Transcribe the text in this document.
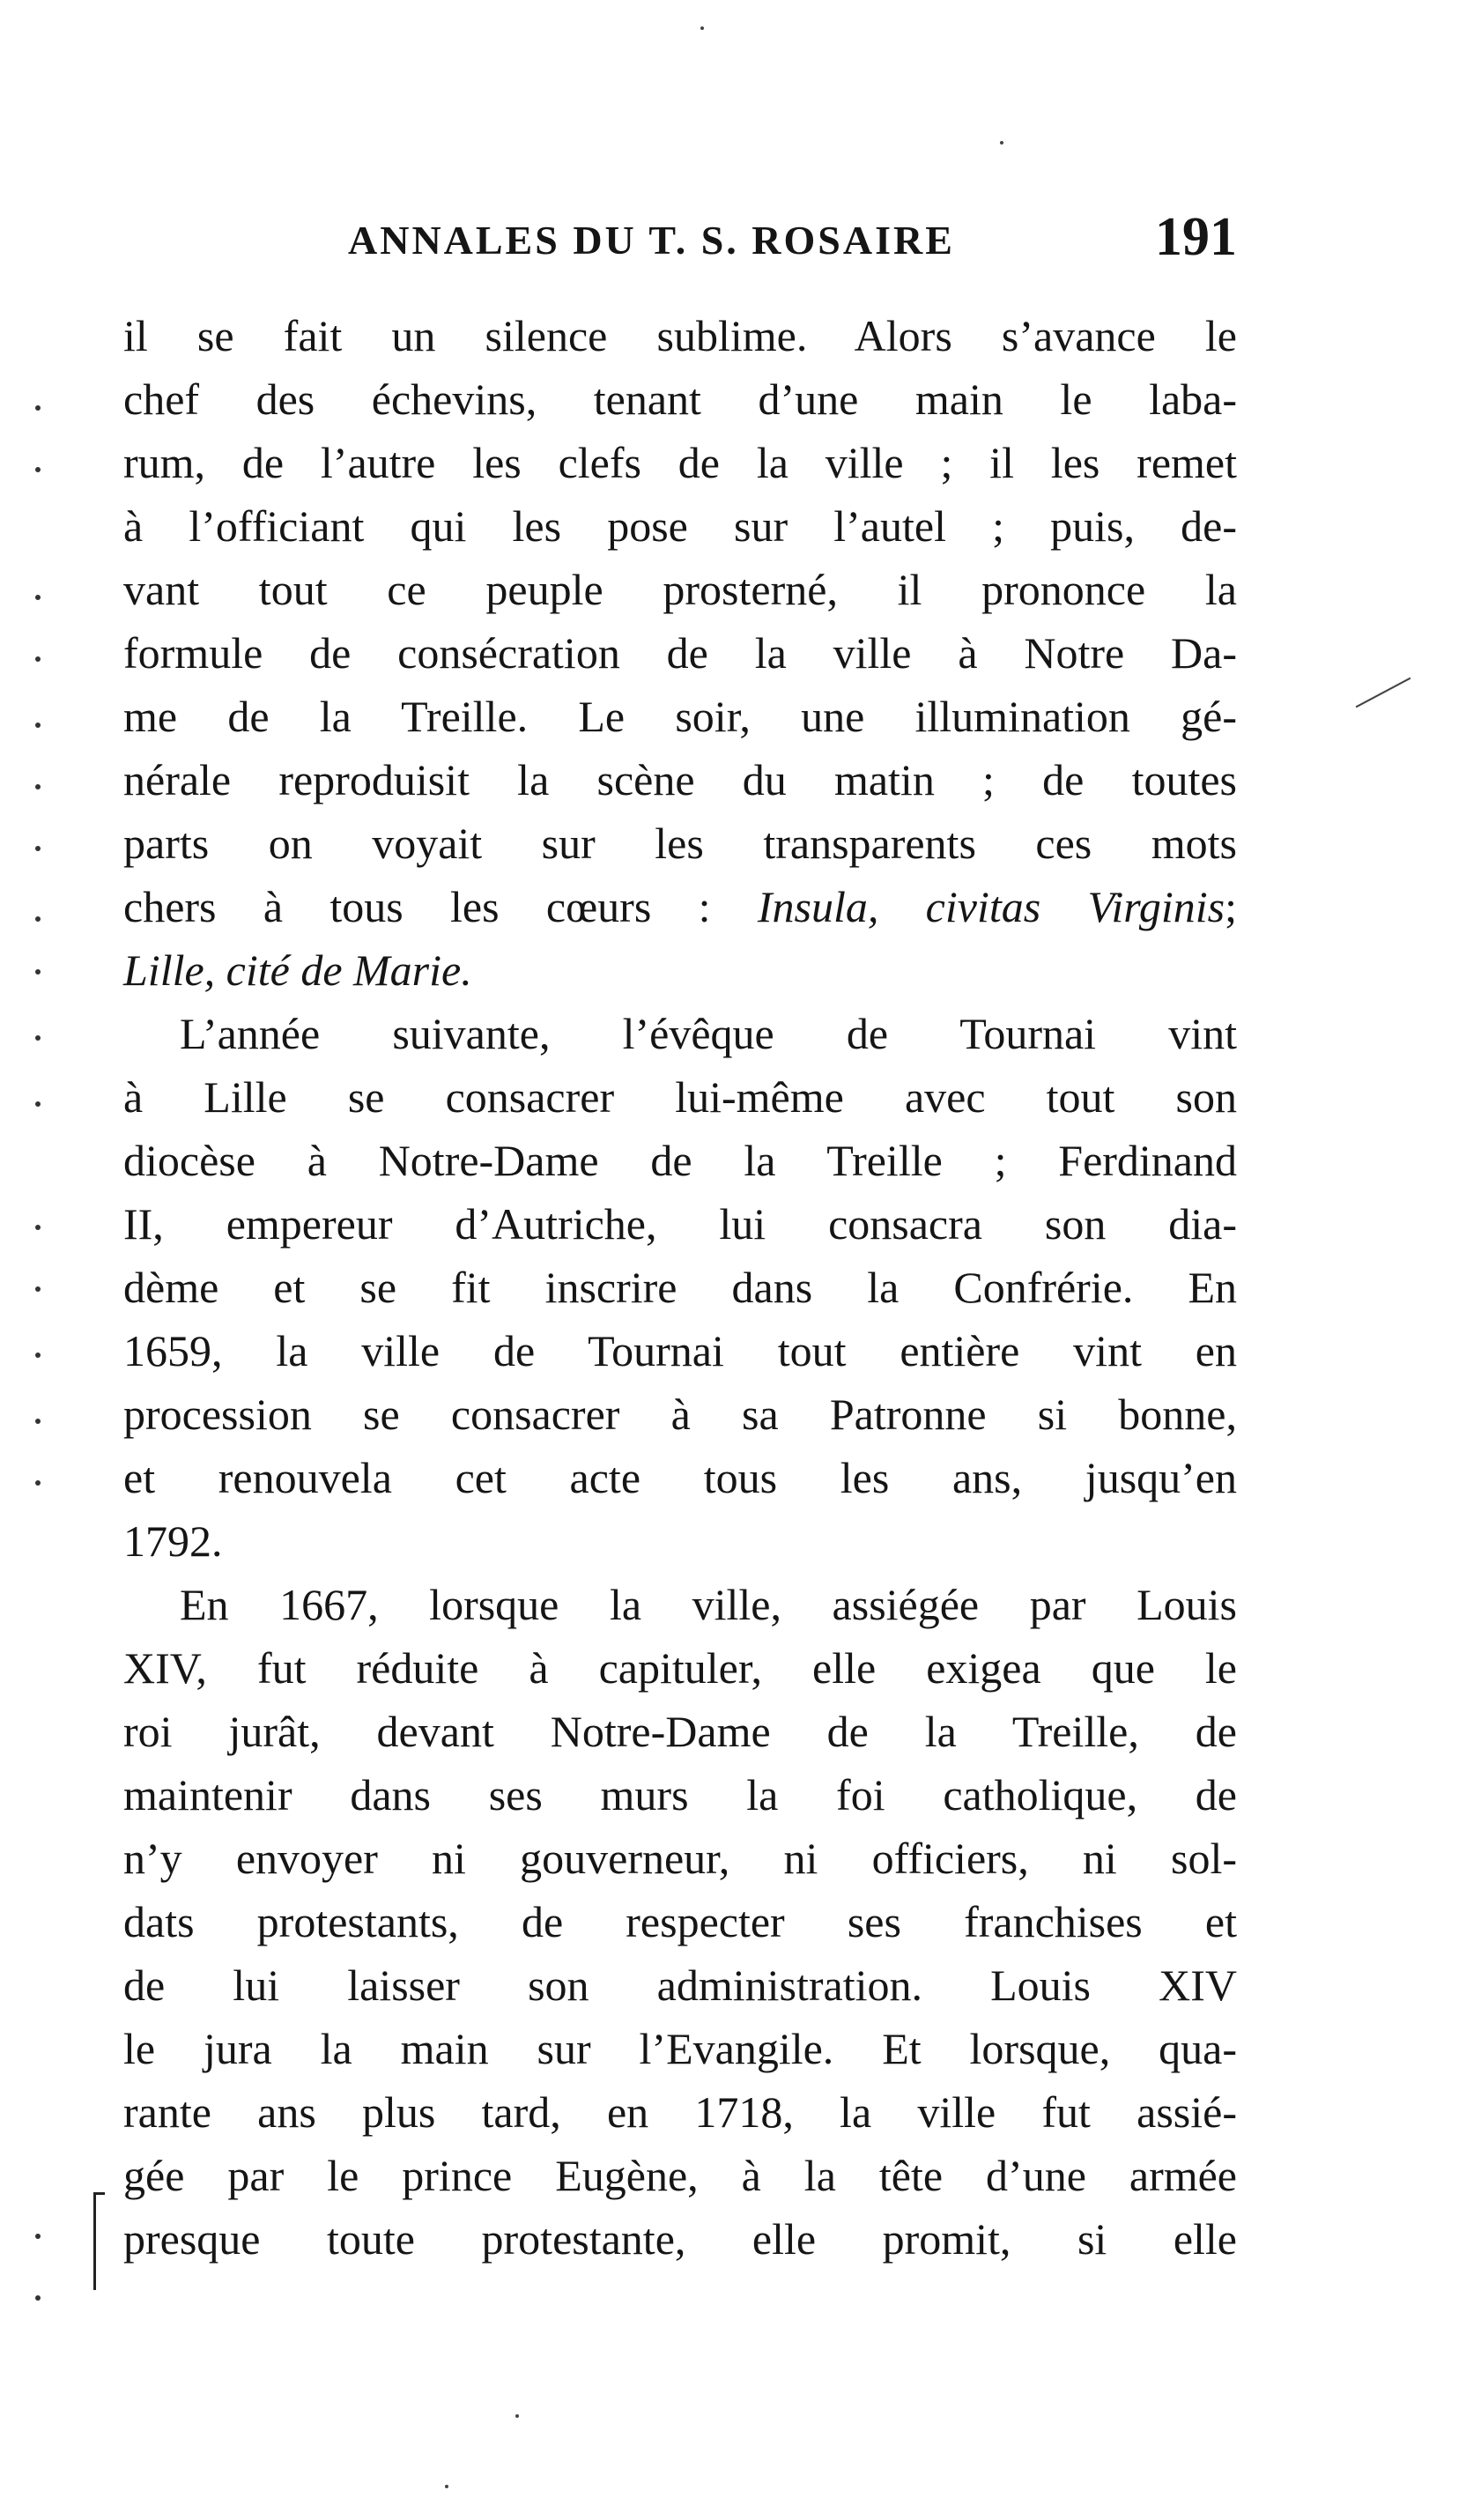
ANNALES DU T. S. ROSAIRE	191
il se fait un silence sublime. Alors s’avance le
chef des échevins, tenant d’une main le laba-
rum, de l’autre les clefs de la ville ; il les remet
à l’officiant qui les pose sur l’autel ; puis, de-
vant tout ce peuple prosterné, il prononce la
formule de consécration de la ville à Notre Da-
me de la Treille. Le soir, une illumination gé-
nérale reproduisit la scène du matin ; de toutes
parts on voyait sur les transparents ces mots
chers à tous les cœurs : Insula, civitas Virginis;
Lille, cité de Marie.
L’année suivante, l’évêque de Tournai vint
à Lille se consacrer lui-même avec tout son
diocèse à Notre-Dame de la Treille ; Ferdinand
II, empereur d’Autriche, lui consacra son dia-
dème et se fit inscrire dans la Confrérie. En
1659, la ville de Tournai tout entière vint en
procession se consacrer à sa Patronne si bonne,
et renouvela cet acte tous les ans, jusqu’en
1792.
En 1667, lorsque la ville, assiégée par Louis
XIV, fut réduite à capituler, elle exigea que le
roi jurât, devant Notre-Dame de la Treille, de
maintenir dans ses murs la foi catholique, de
n’y envoyer ni gouverneur, ni officiers, ni sol-
dats protestants, de respecter ses franchises et
de lui laisser son administration. Louis XIV
le jura la main sur l’Evangile. Et lorsque, qua-
rante ans plus tard, en 1718, la ville fut assié-
gée par le prince Eugène, à la tête d’une armée
presque toute protestante, elle promit, si elle
